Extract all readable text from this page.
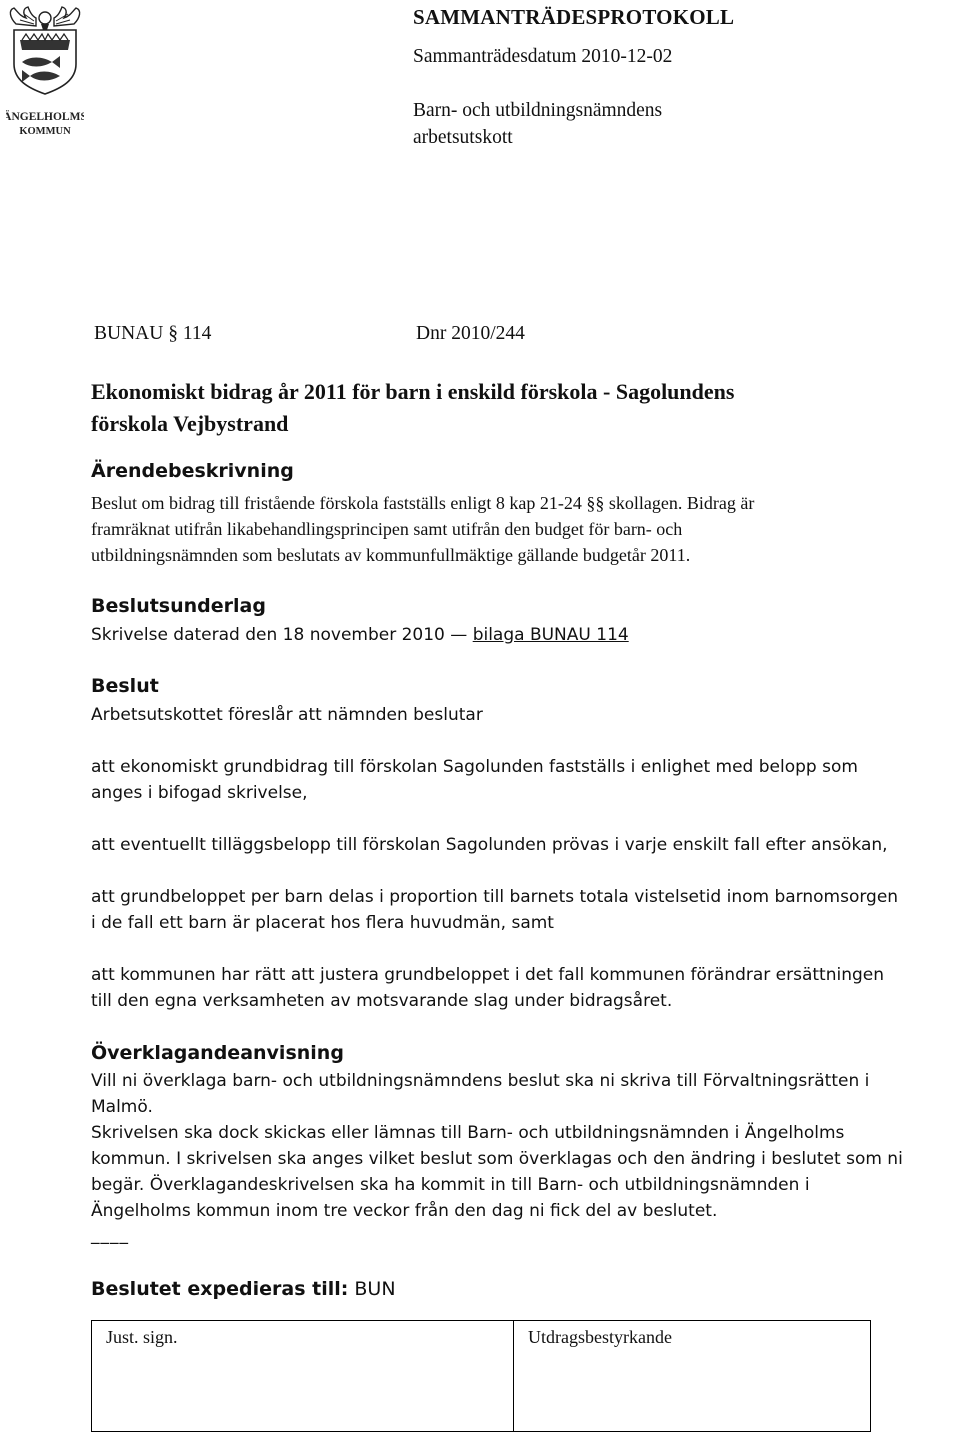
ÄNGELHOLMS
KOMMUN
SAMMANTRÄDESPROTOKOLL
Sammanträdesdatum 2010-12-02
Barn- och utbildningsnämndens
arbetsutskott
BUNAU § 114	Dnr 2010/244
Ekonomiskt bidrag år 2011 för barn i enskild förskola - Sagolundens
förskola Vejbystrand
Ärendebeskrivning
Beslut om bidrag till fristående förskola fastställs enligt 8 kap 21-24 §§ skollagen. Bidrag är
framräknat utifrån likabehandlingsprincipen samt utifrån den budget för barn- och
utbildningsnämnden som beslutats av kommunfullmäktige gällande budgetår 2011.
Beslutsunderlag
Skrivelse daterad den 18 november 2010 — bilaga BUNAU 114
Beslut
Arbetsutskottet föreslår att nämnden beslutar
att ekonomiskt grundbidrag till förskolan Sagolunden fastställs i enlighet med belopp som
anges i bifogad skrivelse,
att eventuellt tilläggsbelopp till förskolan Sagolunden prövas i varje enskilt fall efter ansökan,
att grundbeloppet per barn delas i proportion till barnets totala vistelsetid inom barnomsorgen
i de fall ett barn är placerat hos flera huvudmän, samt
att kommunen har rätt att justera grundbeloppet i det fall kommunen förändrar ersättningen
till den egna verksamheten av motsvarande slag under bidragsåret.
Överklagandeanvisning
Vill ni överklaga barn- och utbildningsnämndens beslut ska ni skriva till Förvaltningsrätten i
Malmö.
Skrivelsen ska dock skickas eller lämnas till Barn- och utbildningsnämnden i Ängelholms
kommun. I skrivelsen ska anges vilket beslut som överklagas och den ändring i beslutet som ni
begär. Överklagandeskrivelsen ska ha kommit in till Barn- och utbildningsnämnden i
Ängelholms kommun inom tre veckor från den dag ni fick del av beslutet.
____
Beslutet expedieras till: BUN
Just. sign.	Utdragsbestyrkande
